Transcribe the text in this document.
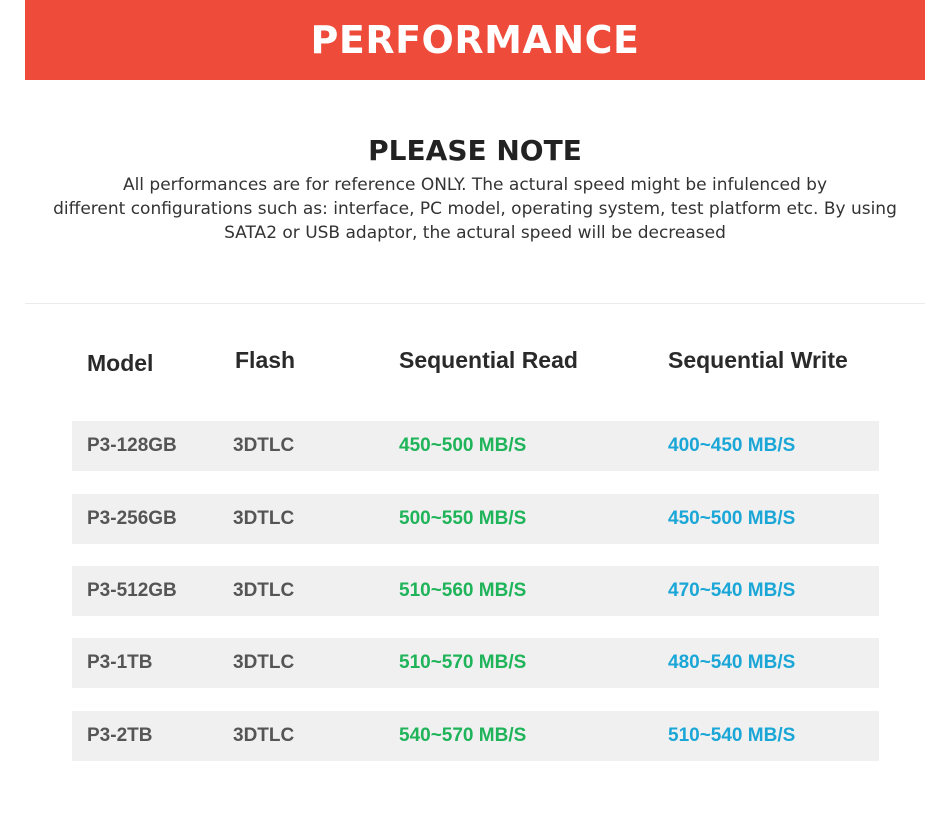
PERFORMANCE
PLEASE NOTE
All performances are for reference ONLY. The actural speed might be infulenced by
different configurations such as: interface, PC model, operating system, test platform etc. By using
SATA2 or USB adaptor, the actural speed will be decreased
Model	Flash	Sequential Read	Sequential Write
P3-128GB	3DTLC	450~500 MB/S	400~450 MB/S
P3-256GB	3DTLC	500~550 MB/S	450~500 MB/S
P3-512GB	3DTLC	510~560 MB/S	470~540 MB/S
P3-1TB	3DTLC	510~570 MB/S	480~540 MB/S
P3-2TB	3DTLC	540~570 MB/S	510~540 MB/S
